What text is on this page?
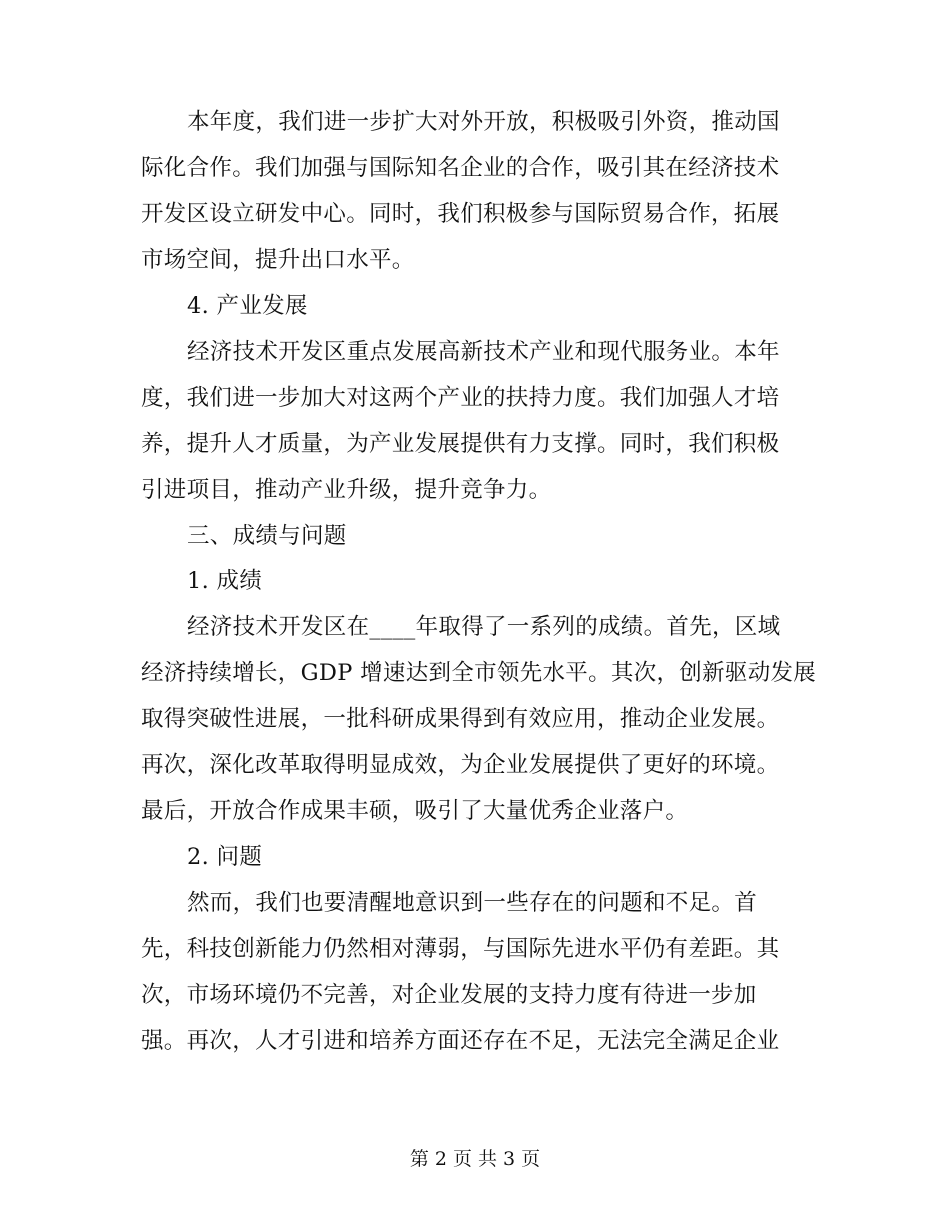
本年度，我们进一步扩大对外开放，积极吸引外资，推动国
际化合作。我们加强与国际知名企业的合作，吸引其在经济技术
开发区设立研发中心。同时，我们积极参与国际贸易合作，拓展
市场空间，提升出口水平。
4. 产业发展
经济技术开发区重点发展高新技术产业和现代服务业。本年
度，我们进一步加大对这两个产业的扶持力度。我们加强人才培
养，提升人才质量，为产业发展提供有力支撑。同时，我们积极
引进项目，推动产业升级，提升竞争力。
三、成绩与问题
1. 成绩
经济技术开发区在____年取得了一系列的成绩。首先，区域
经济持续增长，GDP 增速达到全市领先水平。其次，创新驱动发展
取得突破性进展，一批科研成果得到有效应用，推动企业发展。
再次，深化改革取得明显成效，为企业发展提供了更好的环境。
最后，开放合作成果丰硕，吸引了大量优秀企业落户。
2. 问题
然而，我们也要清醒地意识到一些存在的问题和不足。首
先，科技创新能力仍然相对薄弱，与国际先进水平仍有差距。其
次，市场环境仍不完善，对企业发展的支持力度有待进一步加
强。再次，人才引进和培养方面还存在不足，无法完全满足企业
第 2 页 共 3 页
